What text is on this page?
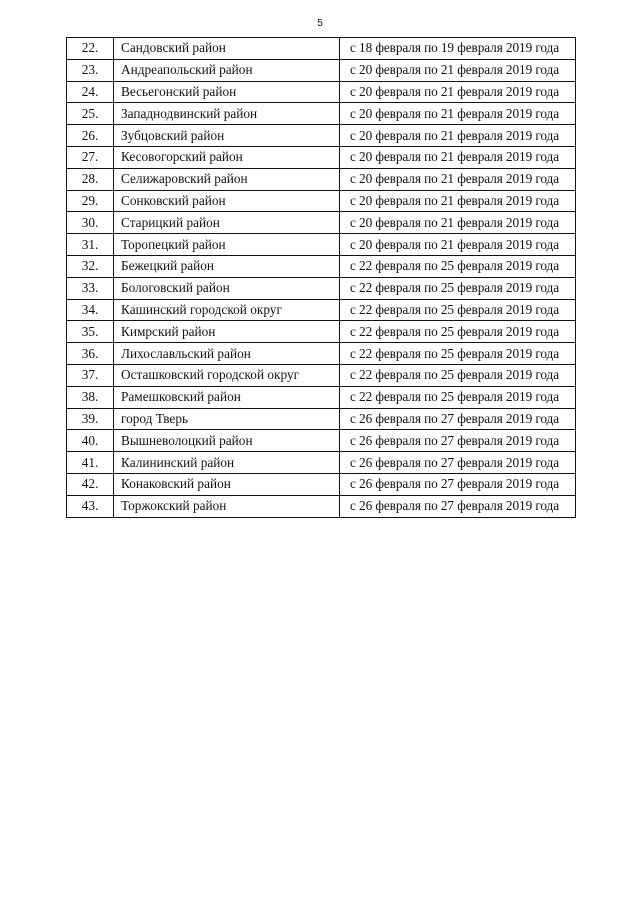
5
22.	Сандовский район	с 18 февраля по 19 февраля 2019 года
23.	Андреапольский район	с 20 февраля по 21 февраля 2019 года
24.	Весьегонский район	с 20 февраля по 21 февраля 2019 года
25.	Западнодвинский район	с 20 февраля по 21 февраля 2019 года
26.	Зубцовский район	с 20 февраля по 21 февраля 2019 года
27.	Кесовогорский район	с 20 февраля по 21 февраля 2019 года
28.	Селижаровский район	с 20 февраля по 21 февраля 2019 года
29.	Сонковский район	с 20 февраля по 21 февраля 2019 года
30.	Старицкий район	с 20 февраля по 21 февраля 2019 года
31.	Торопецкий район	с 20 февраля по 21 февраля 2019 года
32.	Бежецкий район	с 22 февраля по 25 февраля 2019 года
33.	Бологовский район	с 22 февраля по 25 февраля 2019 года
34.	Кашинский городской округ	с 22 февраля по 25 февраля 2019 года
35.	Кимрский район	с 22 февраля по 25 февраля 2019 года
36.	Лихославльский район	с 22 февраля по 25 февраля 2019 года
37.	Осташковский городской округ	с 22 февраля по 25 февраля 2019 года
38.	Рамешковский район	с 22 февраля по 25 февраля 2019 года
39.	город Тверь	с 26 февраля по 27 февраля 2019 года
40.	Вышневолоцкий район	с 26 февраля по 27 февраля 2019 года
41.	Калининский район	с 26 февраля по 27 февраля 2019 года
42.	Конаковский район	с 26 февраля по 27 февраля 2019 года
43.	Торжокский район	с 26 февраля по 27 февраля 2019 года
